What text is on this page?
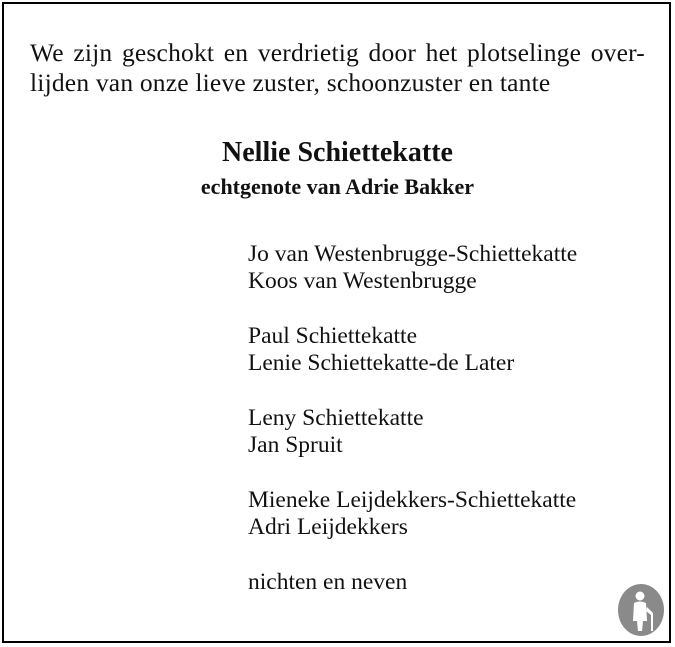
We zijn geschokt en verdrietig door het plotselinge over-
lijden van onze lieve zuster, schoonzuster en tante
Nellie Schiettekatte
echtgenote van Adrie Bakker
Jo van Westenbrugge-Schiettekatte
Koos van Westenbrugge
Paul Schiettekatte
Lenie Schiettekatte-de Later
Leny Schiettekatte
Jan Spruit
Mieneke Leijdekkers-Schiettekatte
Adri Leijdekkers
nichten en neven
